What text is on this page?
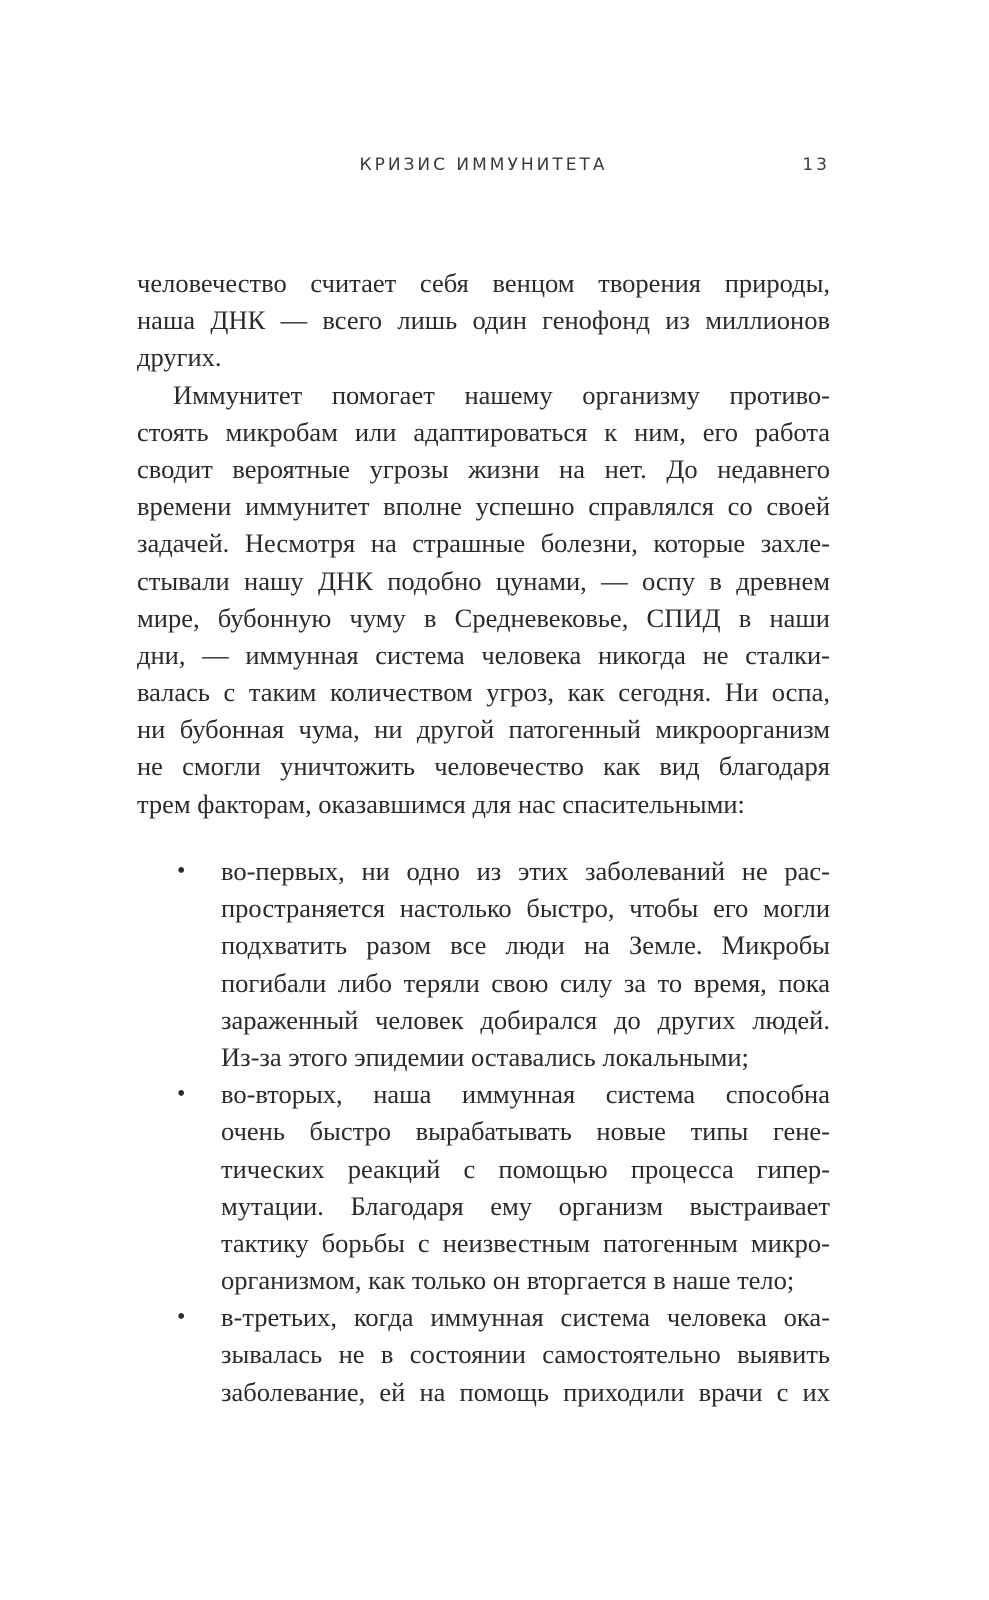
КРИЗИС ИММУНИТЕТА	13
человечество считает себя венцом творения природы,
наша ДНК — всего лишь один генофонд из миллионов
других.
Иммунитет помогает нашему организму противо-
стоять микробам или адаптироваться к ним, его работа
сводит вероятные угрозы жизни на нет. До недавнего
времени иммунитет вполне успешно справлялся со своей
задачей. Несмотря на страшные болезни, которые захле-
стывали нашу ДНК подобно цунами, — оспу в древнем
мире, бубонную чуму в Средневековье, СПИД в наши
дни, — иммунная система человека никогда не сталки-
валась с таким количеством угроз, как сегодня. Ни оспа,
ни бубонная чума, ни другой патогенный микроорганизм
не смогли уничтожить человечество как вид благодаря
трем факторам, оказавшимся для нас спасительными:
• во-первых, ни одно из этих заболеваний не рас-
пространяется настолько быстро, чтобы его могли
подхватить разом все люди на Земле. Микробы
погибали либо теряли свою силу за то время, пока
зараженный человек добирался до других людей.
Из-за этого эпидемии оставались локальными;
• во-вторых, наша иммунная система способна
очень быстро вырабатывать новые типы гене-
тических реакций с помощью процесса гипер-
мутации. Благодаря ему организм выстраивает
тактику борьбы с неизвестным патогенным микро-
организмом, как только он вторгается в наше тело;
• в-третьих, когда иммунная система человека ока-
зывалась не в состоянии самостоятельно выявить
заболевание, ей на помощь приходили врачи с их
